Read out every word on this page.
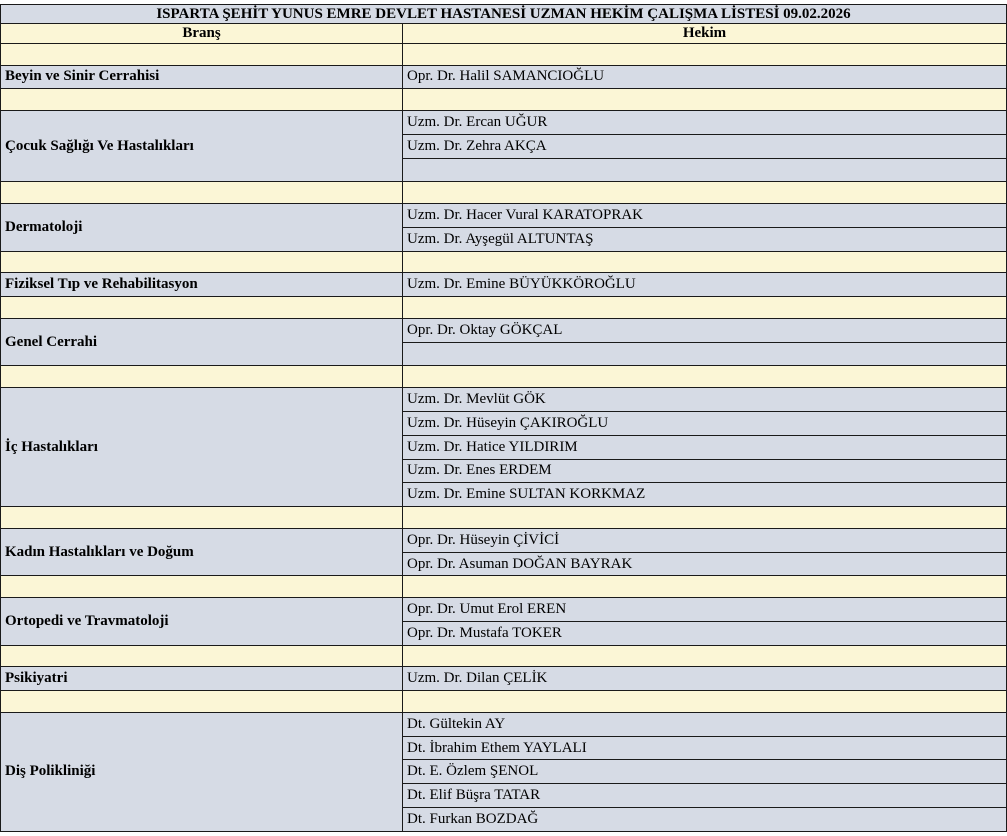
ISPARTA ŞEHİT YUNUS EMRE DEVLET HASTANESİ UZMAN HEKİM ÇALIŞMA LİSTESİ 09.02.2026	
Branş	Hekim

Beyin ve Sinir Cerrahisi	Opr. Dr. Halil SAMANCIOĞLU

Çocuk Sağlığı Ve Hastalıkları	Uzm. Dr. Ercan UĞUR
	Uzm. Dr. Zehra AKÇA

Dermatoloji	Uzm. Dr. Hacer Vural KARATOPRAK
	Uzm. Dr. Ayşegül ALTUNTAŞ

Fiziksel Tıp ve Rehabilitasyon	Uzm. Dr. Emine BÜYÜKKÖROĞLU

Genel Cerrahi	Opr. Dr. Oktay GÖKÇAL

İç Hastalıkları	Uzm. Dr. Mevlüt GÖK
	Uzm. Dr. Hüseyin ÇAKIROĞLU
	Uzm. Dr. Hatice YILDIRIM
	Uzm. Dr. Enes ERDEM
	Uzm. Dr. Emine SULTAN KORKMAZ

Kadın Hastalıkları ve Doğum	Opr. Dr. Hüseyin ÇİVİCİ
	Opr. Dr. Asuman DOĞAN BAYRAK

Ortopedi ve Travmatoloji	Opr. Dr. Umut Erol EREN
	Opr. Dr. Mustafa TOKER

Psikiyatri	Uzm. Dr. Dilan ÇELİK

Diş Polikliniği	Dt. Gültekin AY
	Dt. İbrahim Ethem YAYLALI
	Dt. E. Özlem ŞENOL
	Dt. Elif Büşra TATAR
	Dt. Furkan BOZDAĞ
